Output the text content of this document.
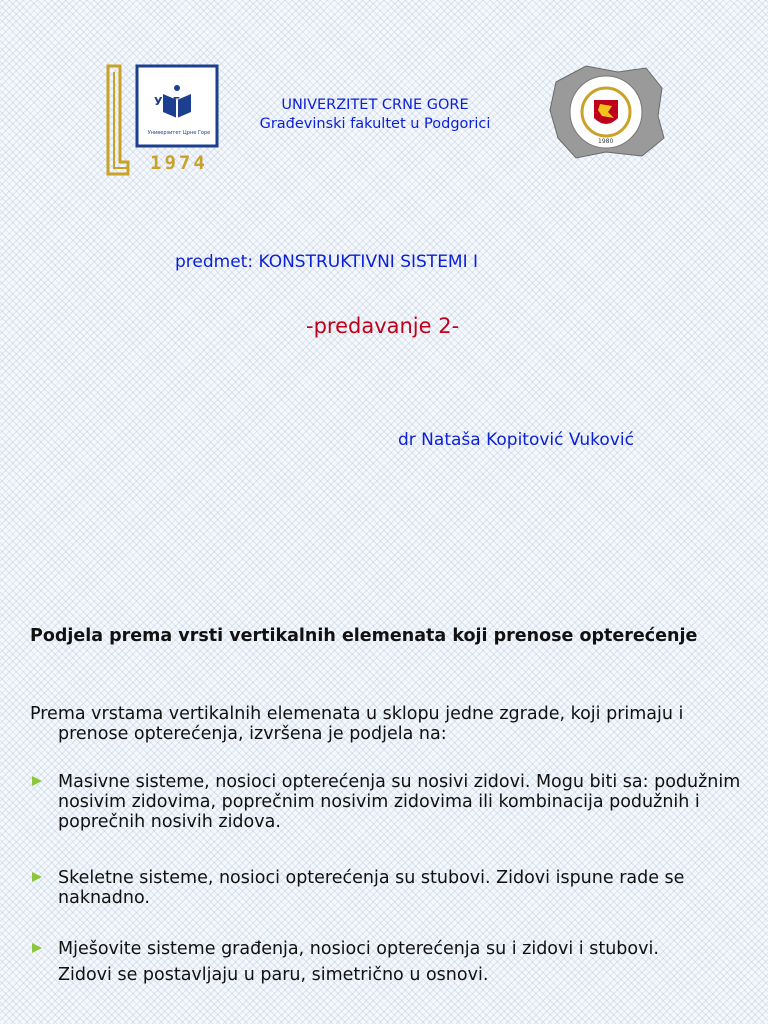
УЦГ
Универзитет Црне Горе
1974
UNIVERZITET CRNE GORE
Građevinski fakultet u Podgorici
1980
predmet: KONSTRUKTIVNI SISTEMI I
-predavanje 2-
dr Nataša Kopitović Vuković
Podjela prema vrsti vertikalnih elemenata koji prenose opterećenje
Prema vrstama vertikalnih elemenata u sklopu jedne zgrade, koji primaju i prenose opterećenja, izvršena je podjela na:
Masivne sisteme, nosioci opterećenja su nosivi zidovi. Mogu biti sa: podužnim nosivim zidovima, poprečnim nosivim zidovima ili kombinacija podužnih i poprečnih nosivih zidova.
Skeletne sisteme, nosioci opterećenja su stubovi. Zidovi ispune rade se naknadno.
Mješovite sisteme građenja, nosioci opterećenja su i zidovi i stubovi.
Zidovi se postavljaju u paru, simetrično u osnovi.
